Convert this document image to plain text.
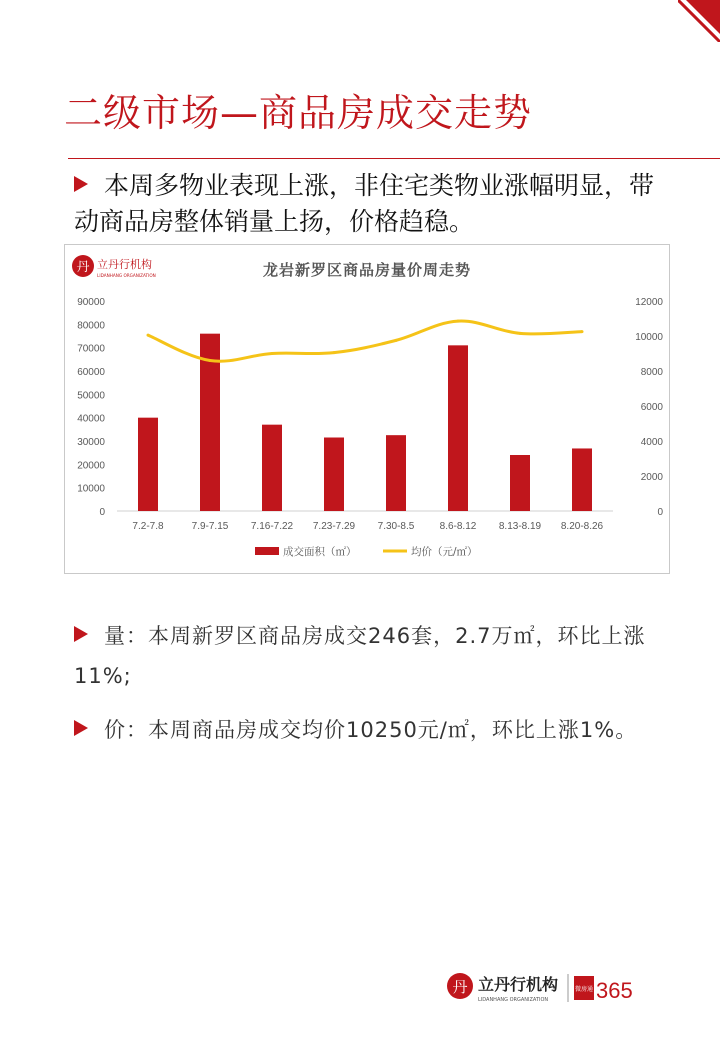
二级市场—商品房成交走势
本周多物业表现上涨，非住宅类物业涨幅明显，带动商品房整体销量上扬，价格趋稳。
丹 立丹行机构
LIDANHANG ORGANIZATION	龙岩新罗区商品房量价周走势
0
10000
20000
30000
40000
50000
60000
70000
80000
90000
0
2000
4000
6000
8000
10000
12000
7.2-7.8	7.9-7.15 7.16-7.22 7.23-7.29 7.30-8.5	8.6-8.12 8.13-8.19 8.20-8.26
成交面积（㎡）	均价（元/㎡）
量：本周新罗区商品房成交246套，2.7万㎡，环比上涨11%;
价：本周商品房成交均价10250元/㎡，环比上涨1%。
丹 立丹行机构
LIDANHANG ORGANIZATION
微房通 365
